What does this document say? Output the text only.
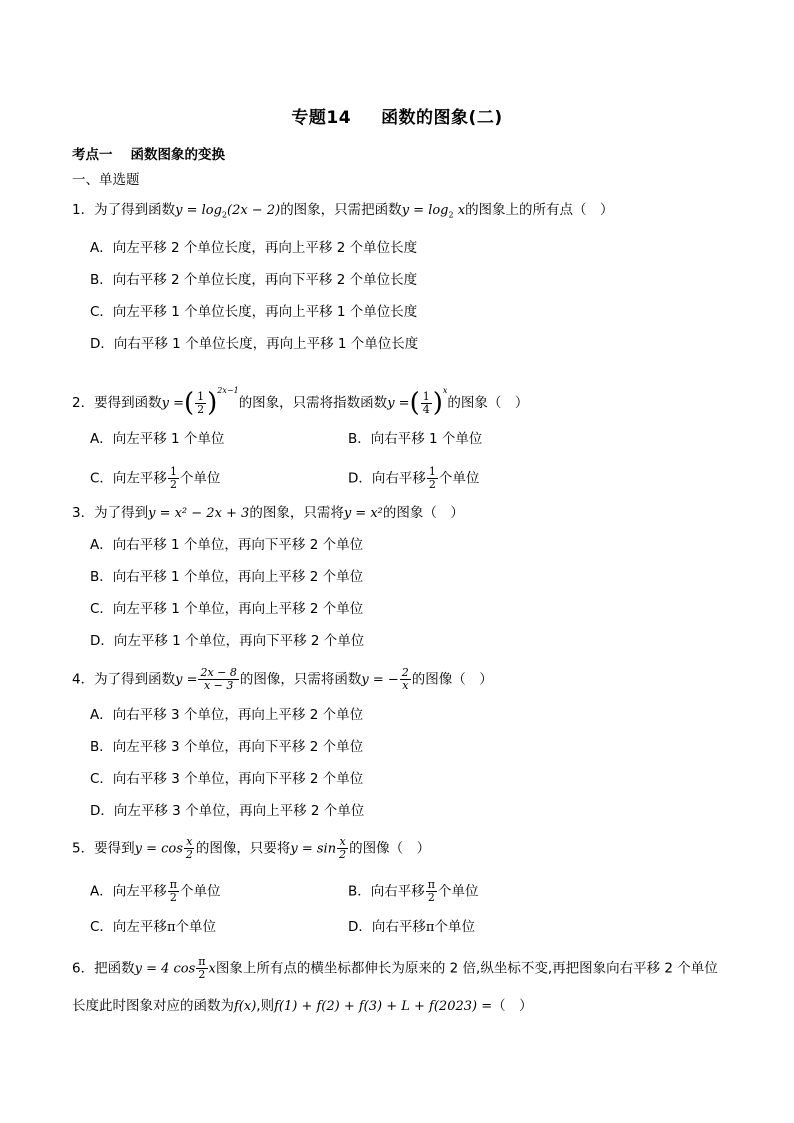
专题14 函数的图象(二)
考点一 函数图象的变换
一、单选题
1．为了得到函数$y = \log_2(2x - 2)$的图象，只需把函数$y = \log_2 x$的图象上的所有点（　）
A．向左平移 2 个单位长度，再向上平移 2 个单位长度
B．向右平移 2 个单位长度，再向下平移 2 个单位长度
C．向左平移 1 个单位长度，再向上平移 1 个单位长度
D．向右平移 1 个单位长度，再向上平移 1 个单位长度
2．要得到函数y =( $\frac{1}{2} )^{2x-1}$的图象，只需将指数函数y =( $\frac{1}{4} )^x$的图象（　）
A．向左平移 1 个单位	B．向右平移 1 个单位
C．向左平移 $\frac{1}{2}$ 个单位	D．向右平移 $\frac{1}{2}$ 个单位
3．为了得到y = x² − 2x + 3的图象，只需将y = x²的图象（　）
A．向右平移 1 个单位，再向下平移 2 个单位
B．向右平移 1 个单位，再向上平移 2 个单位
C．向左平移 1 个单位，再向上平移 2 个单位
D．向左平移 1 个单位，再向下平移 2 个单位
4．为了得到函数$y = \frac{2x - 8}{x - 3}$ 的图像，只需将函数y = − $\frac{2}{x}$ 的图像（　）
A．向右平移 3 个单位，再向上平移 2 个单位
B．向左平移 3 个单位，再向下平移 2 个单位
C．向右平移 3 个单位，再向下平移 2 个单位
D．向左平移 3 个单位，再向上平移 2 个单位
5．要得到$y = \cos \frac{x}{2}$ 的图像，只要将$y = \sin \frac{x}{2}$ 的图像（　）
A．向左平移 $\frac{\pi}{2}$ 个单位	B．向右平移 $\frac{\pi}{2}$ 个单位
C．向左平移π个单位	D．向右平移π个单位
6．把函数y = 4 $\cos \frac{\pi}{2}$ x图象上所有点的横坐标都伸长为原来的 2 倍,纵坐标不变,再把图象向右平移 2 个单位
长度此时图象对应的函数为f(x),则f(1) + f(2) + f(3) + L + f(2023) =（　）
